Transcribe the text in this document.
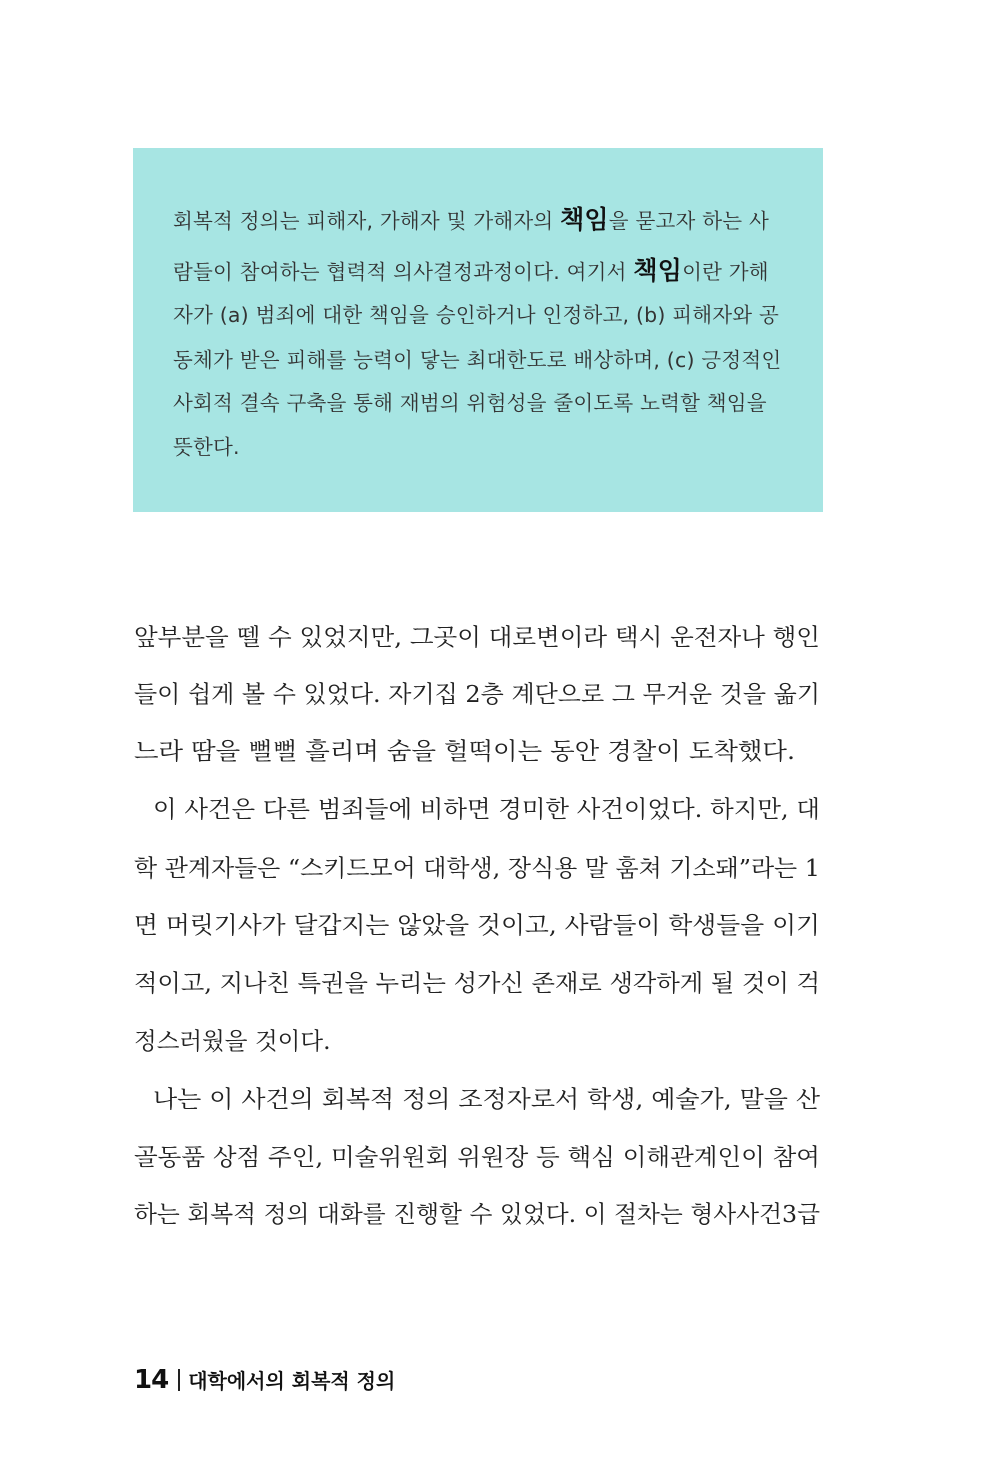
회복적 정의는 피해자, 가해자 및 가해자의 책임을 묻고자 하는 사
람들이 참여하는 협력적 의사결정과정이다. 여기서 책임이란 가해
자가 (a) 범죄에 대한 책임을 승인하거나 인정하고, (b) 피해자와 공
동체가 받은 피해를 능력이 닿는 최대한도로 배상하며, (c) 긍정적인
사회적 결속 구축을 통해 재범의 위험성을 줄이도록 노력할 책임을
뜻한다.
앞부분을 뗄 수 있었지만, 그곳이 대로변이라 택시 운전자나 행인
들이 쉽게 볼 수 있었다. 자기집 2층 계단으로 그 무거운 것을 옮기
느라 땀을 뻘뻘 흘리며 숨을 헐떡이는 동안 경찰이 도착했다.
이 사건은 다른 범죄들에 비하면 경미한 사건이었다. 하지만, 대
학 관계자들은 “스키드모어 대학생, 장식용 말 훔쳐 기소돼”라는 1
면 머릿기사가 달갑지는 않았을 것이고, 사람들이 학생들을 이기
적이고, 지나친 특권을 누리는 성가신 존재로 생각하게 될 것이 걱
정스러웠을 것이다.
나는 이 사건의 회복적 정의 조정자로서 학생, 예술가, 말을 산
골동품 상점 주인, 미술위원회 위원장 등 핵심 이해관계인이 참여
하는 회복적 정의 대화를 진행할 수 있었다. 이 절차는 형사사건3급
14 대학에서의 회복적 정의
